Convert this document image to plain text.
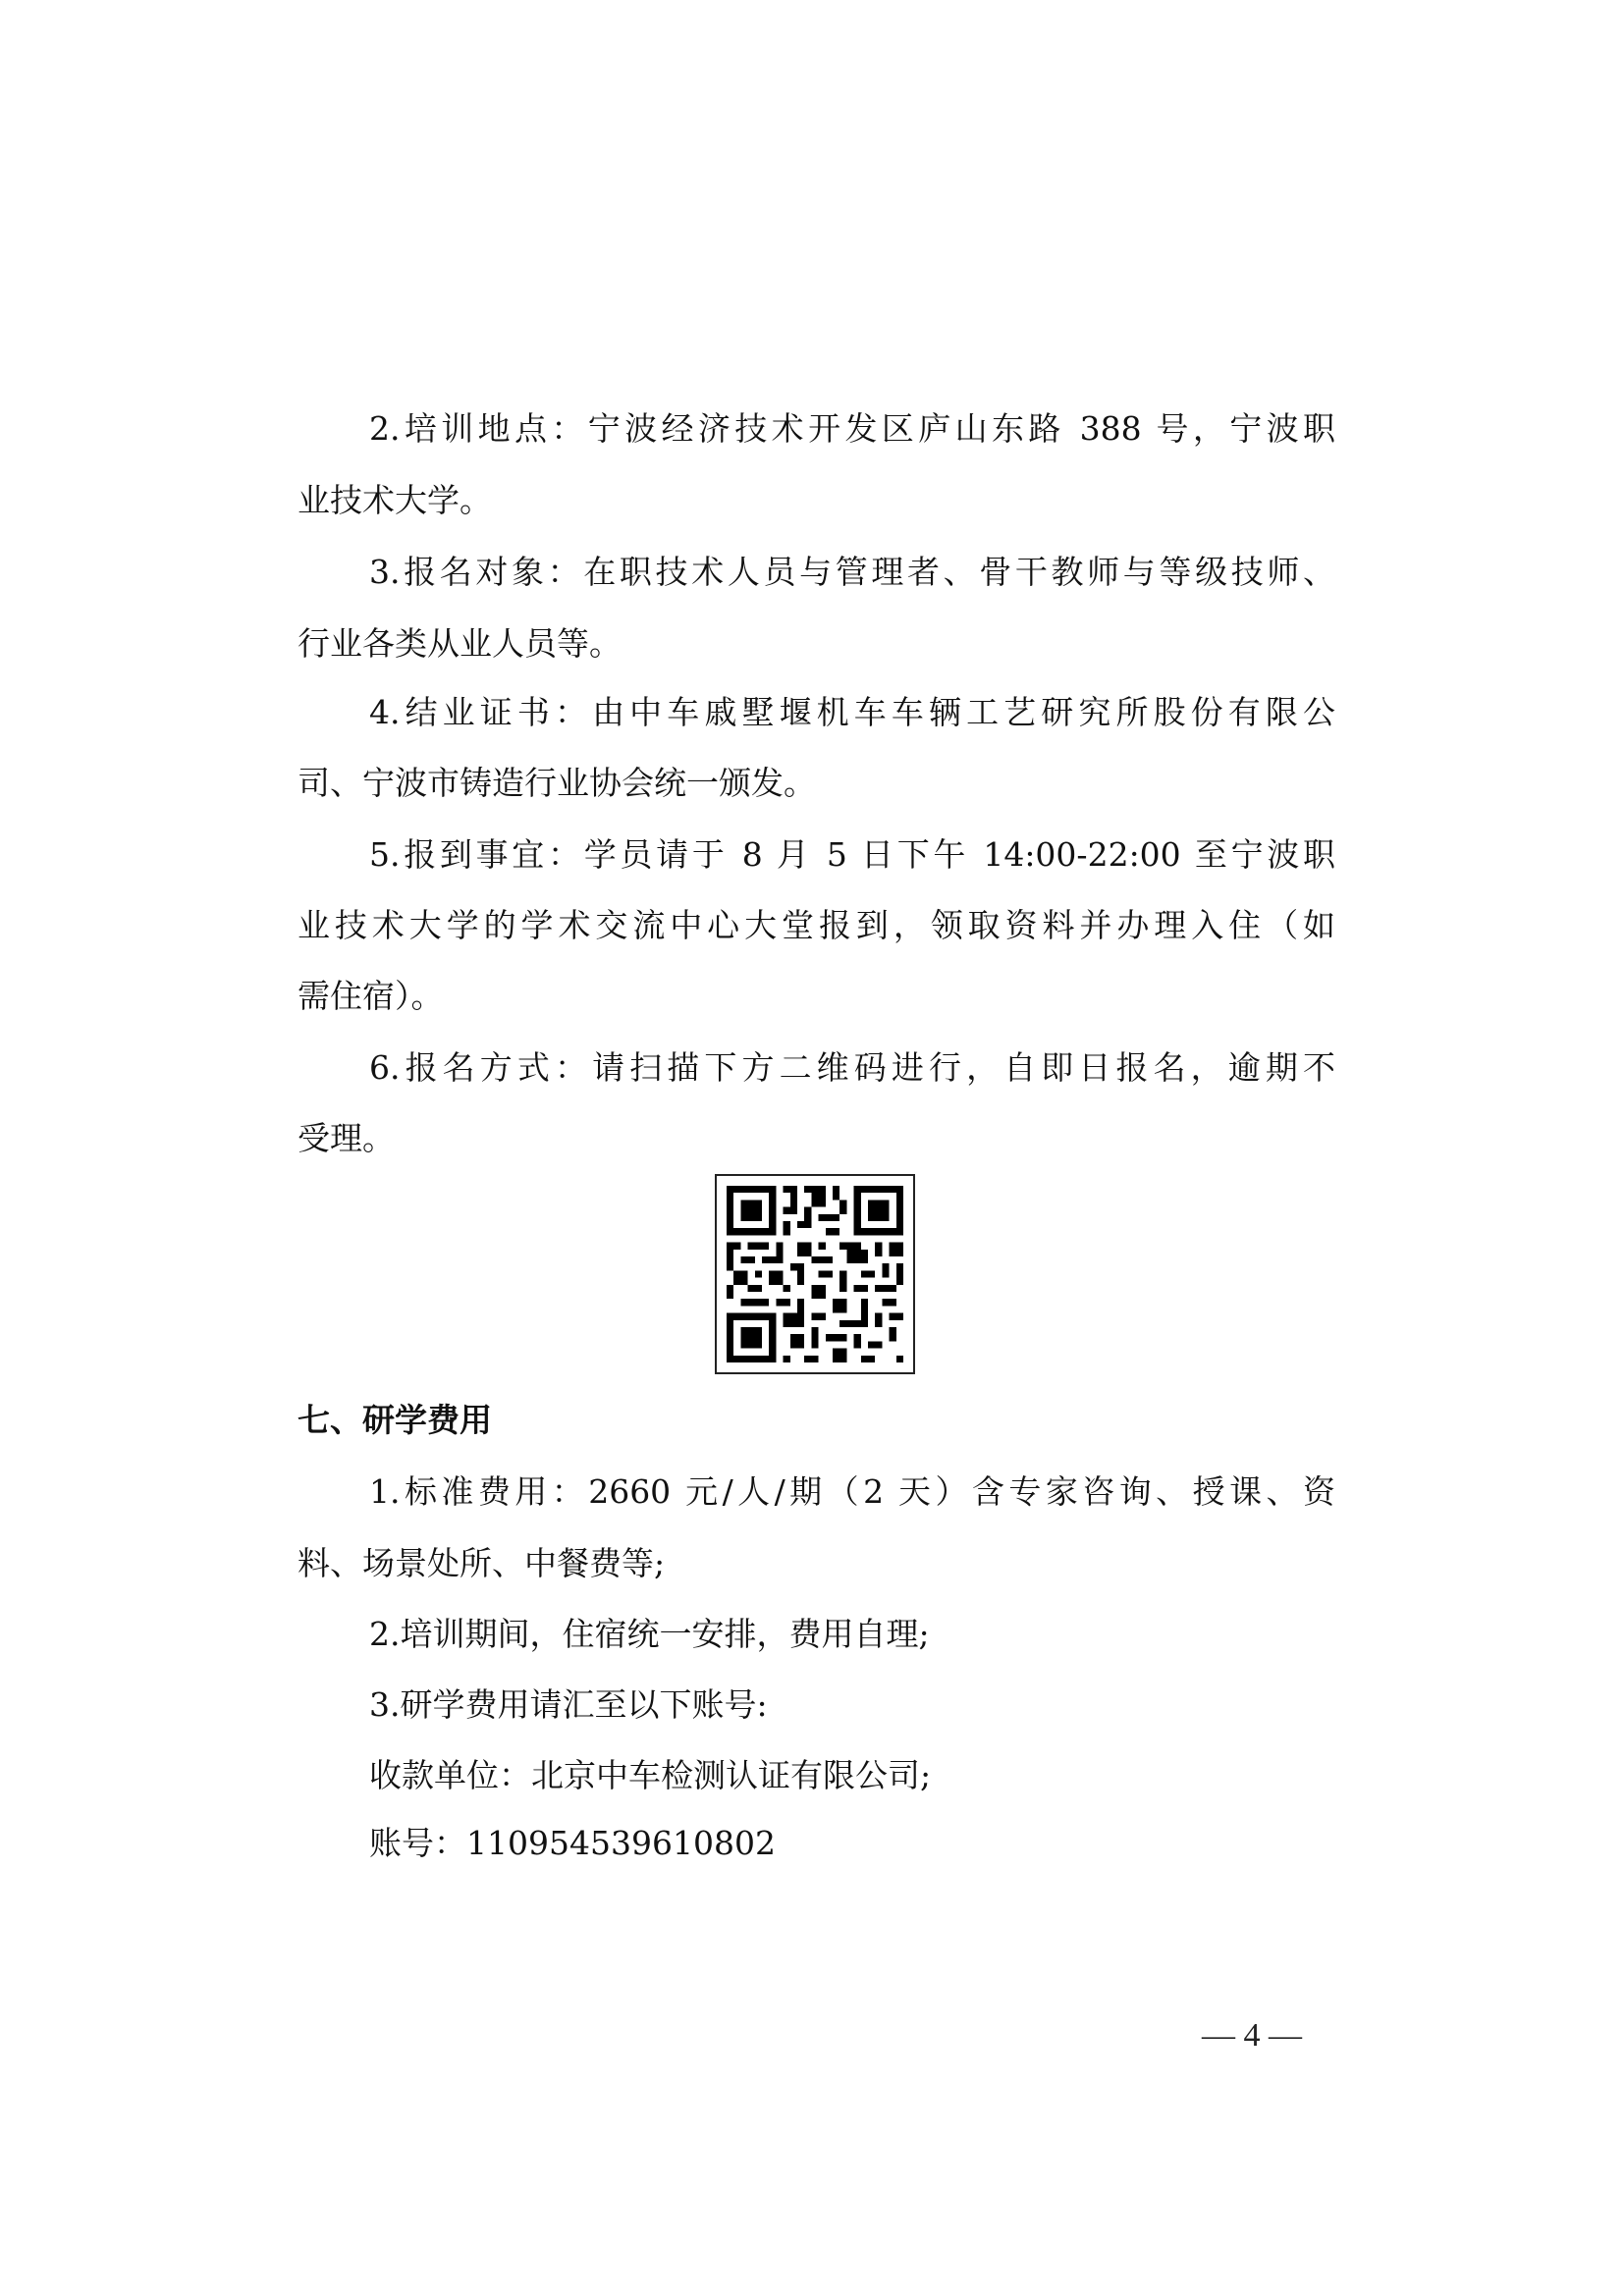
2.培训地点：宁波经济技术开发区庐山东路 388 号，宁波职
业技术大学。
3.报名对象：在职技术人员与管理者、骨干教师与等级技师、
行业各类从业人员等。
4.结业证书：由中车戚墅堰机车车辆工艺研究所股份有限公
司、宁波市铸造行业协会统一颁发。
5.报到事宜：学员请于 8 月 5 日下午 14:00-22:00 至宁波职
业技术大学的学术交流中心大堂报到，领取资料并办理入住（如
需住宿）。
6.报名方式：请扫描下方二维码进行，自即日报名，逾期不
受理。
七、研学费用
1.标准费用：2660 元/人/期（2 天）含专家咨询、授课、资
料、场景处所、中餐费等;
2.培训期间，住宿统一安排，费用自理;
3.研学费用请汇至以下账号:
收款单位：北京中车检测认证有限公司;
账号：110954539610802
— 4 —
